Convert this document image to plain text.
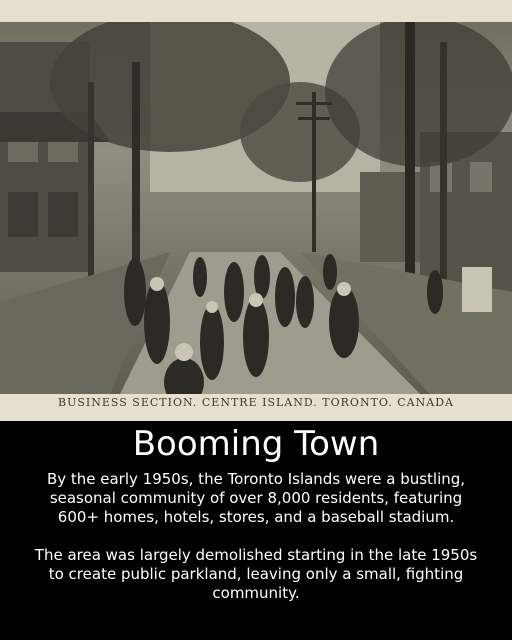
BUSINESS SECTION. CENTRE ISLAND. TORONTO. CANADA
Booming Town
By the early 1950s, the Toronto Islands were a bustling, seasonal community of over 8,000 residents, featuring 600+ homes, hotels, stores, and a baseball stadium.
The area was largely demolished starting in the late 1950s to create public parkland, leaving only a small, fighting community.
